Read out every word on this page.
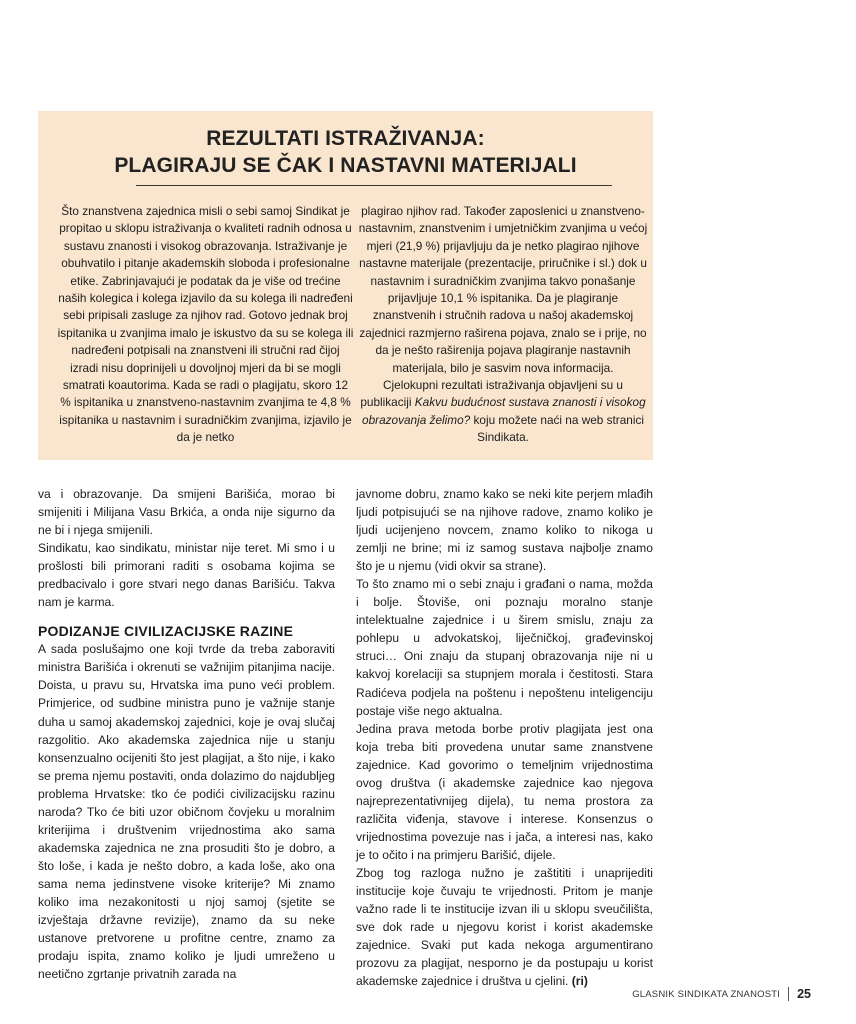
REZULTATI ISTRAŽIVANJA:
PLAGIRAJU SE ČAK I NASTAVNI MATERIJALI

Što znanstvena zajednica misli o sebi samoj Sindikat je propitao u sklopu istraživanja o kvaliteti radnih odnosa u sustavu znanosti i visokog obrazovanja. Istraživanje je obuhvatilo i pitanje akademskih sloboda i profesionalne etike. Zabrinjavajući je podatak da je više od trećine naših kolegica i kolega izjavilo da su kolega ili nadređeni sebi pripisali zasluge za njihov rad. Gotovo jednak broj ispitanika u zvanjima imalo je iskustvo da su se kolega ili nadređeni potpisali na znanstveni ili stručni rad čijoj izradi nisu doprinijeli u dovoljnoj mjeri da bi se mogli smatrati koautorima. Kada se radi o plagijatu, skoro 12 % ispitanika u znanstveno-nastavnim zvanjima te 4,8 % ispitanika u nastavnim i suradničkim zvanjima, izjavilo je da je netko

plagirao njihov rad. Također zaposlenici u znanstveno-nastavnim, znanstvenim i umjetničkim zvanjima u većoj mjeri (21,9 %) prijavljuju da je netko plagirao njihove nastavne materijale (prezentacije, priručnike i sl.) dok u nastavnim i suradničkim zvanjima takvo ponašanje prijavljuje 10,1 % ispitanika. Da je plagiranje znanstvenih i stručnih radova u našoj akademskoj zajednici razmjerno raširena pojava, znalo se i prije, no da je nešto raširenija pojava plagiranje nastavnih materijala, bilo je sasvim nova informacija.

Cjelokupni rezultati istraživanja objavljeni su u publikaciji Kakvu budućnost sustava znanosti i visokog obrazovanja želimo? koju možete naći na web stranici Sindikata.

va i obrazovanje. Da smijeni Barišića, morao bi smijeniti i Milijana Vasu Brkića, a onda nije sigurno da ne bi i njega smijenili.

Sindikatu, kao sindikatu, ministar nije teret. Mi smo i u prošlosti bili primorani raditi s osobama kojima se predbacivalo i gore stvari nego danas Barišiću. Takva nam je karma.

PODIZANJE CIVILIZACIJSKE RAZINE

A sada poslušajmo one koji tvrde da treba zaboraviti ministra Barišića i okrenuti se važnijim pitanjima nacije. Doista, u pravu su, Hrvatska ima puno veći problem. Primjerice, od sudbine ministra puno je važnije stanje duha u samoj akademskoj zajednici, koje je ovaj slučaj razgolitio. Ako akademska zajednica nije u stanju konsenzualno ocijeniti što jest plagijat, a što nije, i kako se prema njemu postaviti, onda dolazimo do najdubljeg problema Hrvatske: tko će podići civilizacijsku razinu naroda? Tko će biti uzor običnom čovjeku u moralnim kriterijima i društvenim vrijednostima ako sama akademska zajednica ne zna prosuditi što je dobro, a što loše, i kada je nešto dobro, a kada loše, ako ona sama nema jedinstvene visoke kriterije? Mi znamo koliko ima nezakonitosti u njoj samoj (sjetite se izvještaja državne revizije), znamo da su neke ustanove pretvorene u profitne centre, znamo za prodaju ispita, znamo koliko je ljudi umreženo u neetično zgrtanje privatnih zarada na

javnome dobru, znamo kako se neki kite perjem mlađih ljudi potpisujući se na njihove radove, znamo koliko je ljudi ucijenjeno novcem, znamo koliko to nikoga u zemlji ne brine; mi iz samog sustava najbolje znamo što je u njemu (vidi okvir sa strane).

To što znamo mi o sebi znaju i građani o nama, možda i bolje. Štoviše, oni poznaju moralno stanje intelektualne zajednice i u širem smislu, znaju za pohlepu u advokatskoj, liječničkoj, građevinskoj struci… Oni znaju da stupanj obrazovanja nije ni u kakvoj korelaciji sa stupnjem morala i čestitosti. Stara Radićeva podjela na poštenu i nepoštenu inteligenciju postaje više nego aktualna.

Jedina prava metoda borbe protiv plagijata jest ona koja treba biti provedena unutar same znanstvene zajednice. Kad govorimo o temeljnim vrijednostima ovog društva (i akademske zajednice kao njegova najreprezentativnijeg dijela), tu nema prostora za različita viđenja, stavove i interese. Konsenzus o vrijednostima povezuje nas i jača, a interesi nas, kako je to očito i na primjeru Barišić, dijele.

Zbog tog razloga nužno je zaštititi i unaprijediti institucije koje čuvaju te vrijednosti. Pritom je manje važno rade li te institucije izvan ili u sklopu sveučilišta, sve dok rade u njegovu korist i korist akademske zajednice. Svaki put kada nekoga argumentirano prozovu za plagijat, nesporno je da postupaju u korist akademske zajednice i društva u cjelini. (ri)

GLASNIK SINDIKATA ZNANOSTI 25
